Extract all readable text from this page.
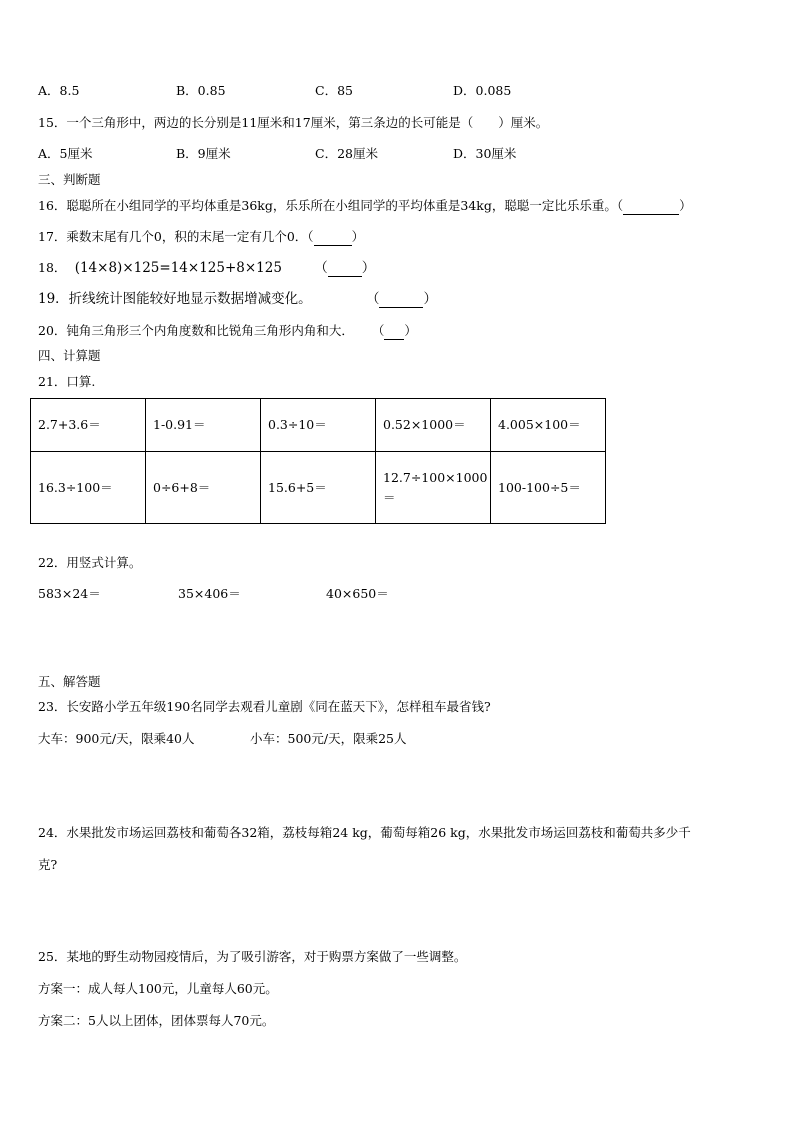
A．8.5	B．0.85	C．85	D．0.085
15．一个三角形中，两边的长分别是11厘米和17厘米，第三条边的长可能是（　　）厘米。
A．5厘米	B．9厘米	C．28厘米	D．30厘米
三、判断题
16．聪聪所在小组同学的平均体重是36kg，乐乐所在小组同学的平均体重是34kg，聪聪一定比乐乐重。（	）
17．乘数末尾有几个0，积的末尾一定有几个0．（	）
18． (14×8)×125=14×125+8×125 （	）
19．折线统计图能较好地显示数据增减变化。	（	）
20．钝角三角形三个内角度数和比锐角三角形内角和大． （ ）
四、计算题
21．口算.
2.7+3.6＝	1-0.91＝	0.3÷10＝	0.52×1000＝	4.005×100＝
16.3÷100＝	0÷6+8＝	15.6+5＝	12.7÷100×1000＝	100-100÷5＝
22．用竖式计算。
583×24＝	35×406＝	40×650＝
五、解答题
23．长安路小学五年级190名同学去观看儿童剧《同在蓝天下》，怎样租车最省钱?
大车：900元/天，限乘40人	小车：500元/天，限乘25人
24．水果批发市场运回荔枝和葡萄各32箱，荔枝每箱24 kg，葡萄每箱26 kg，水果批发市场运回荔枝和葡萄共多少千
克?
25．某地的野生动物园疫情后，为了吸引游客，对于购票方案做了一些调整。
方案一：成人每人100元，儿童每人60元。
方案二：5人以上团体，团体票每人70元。
